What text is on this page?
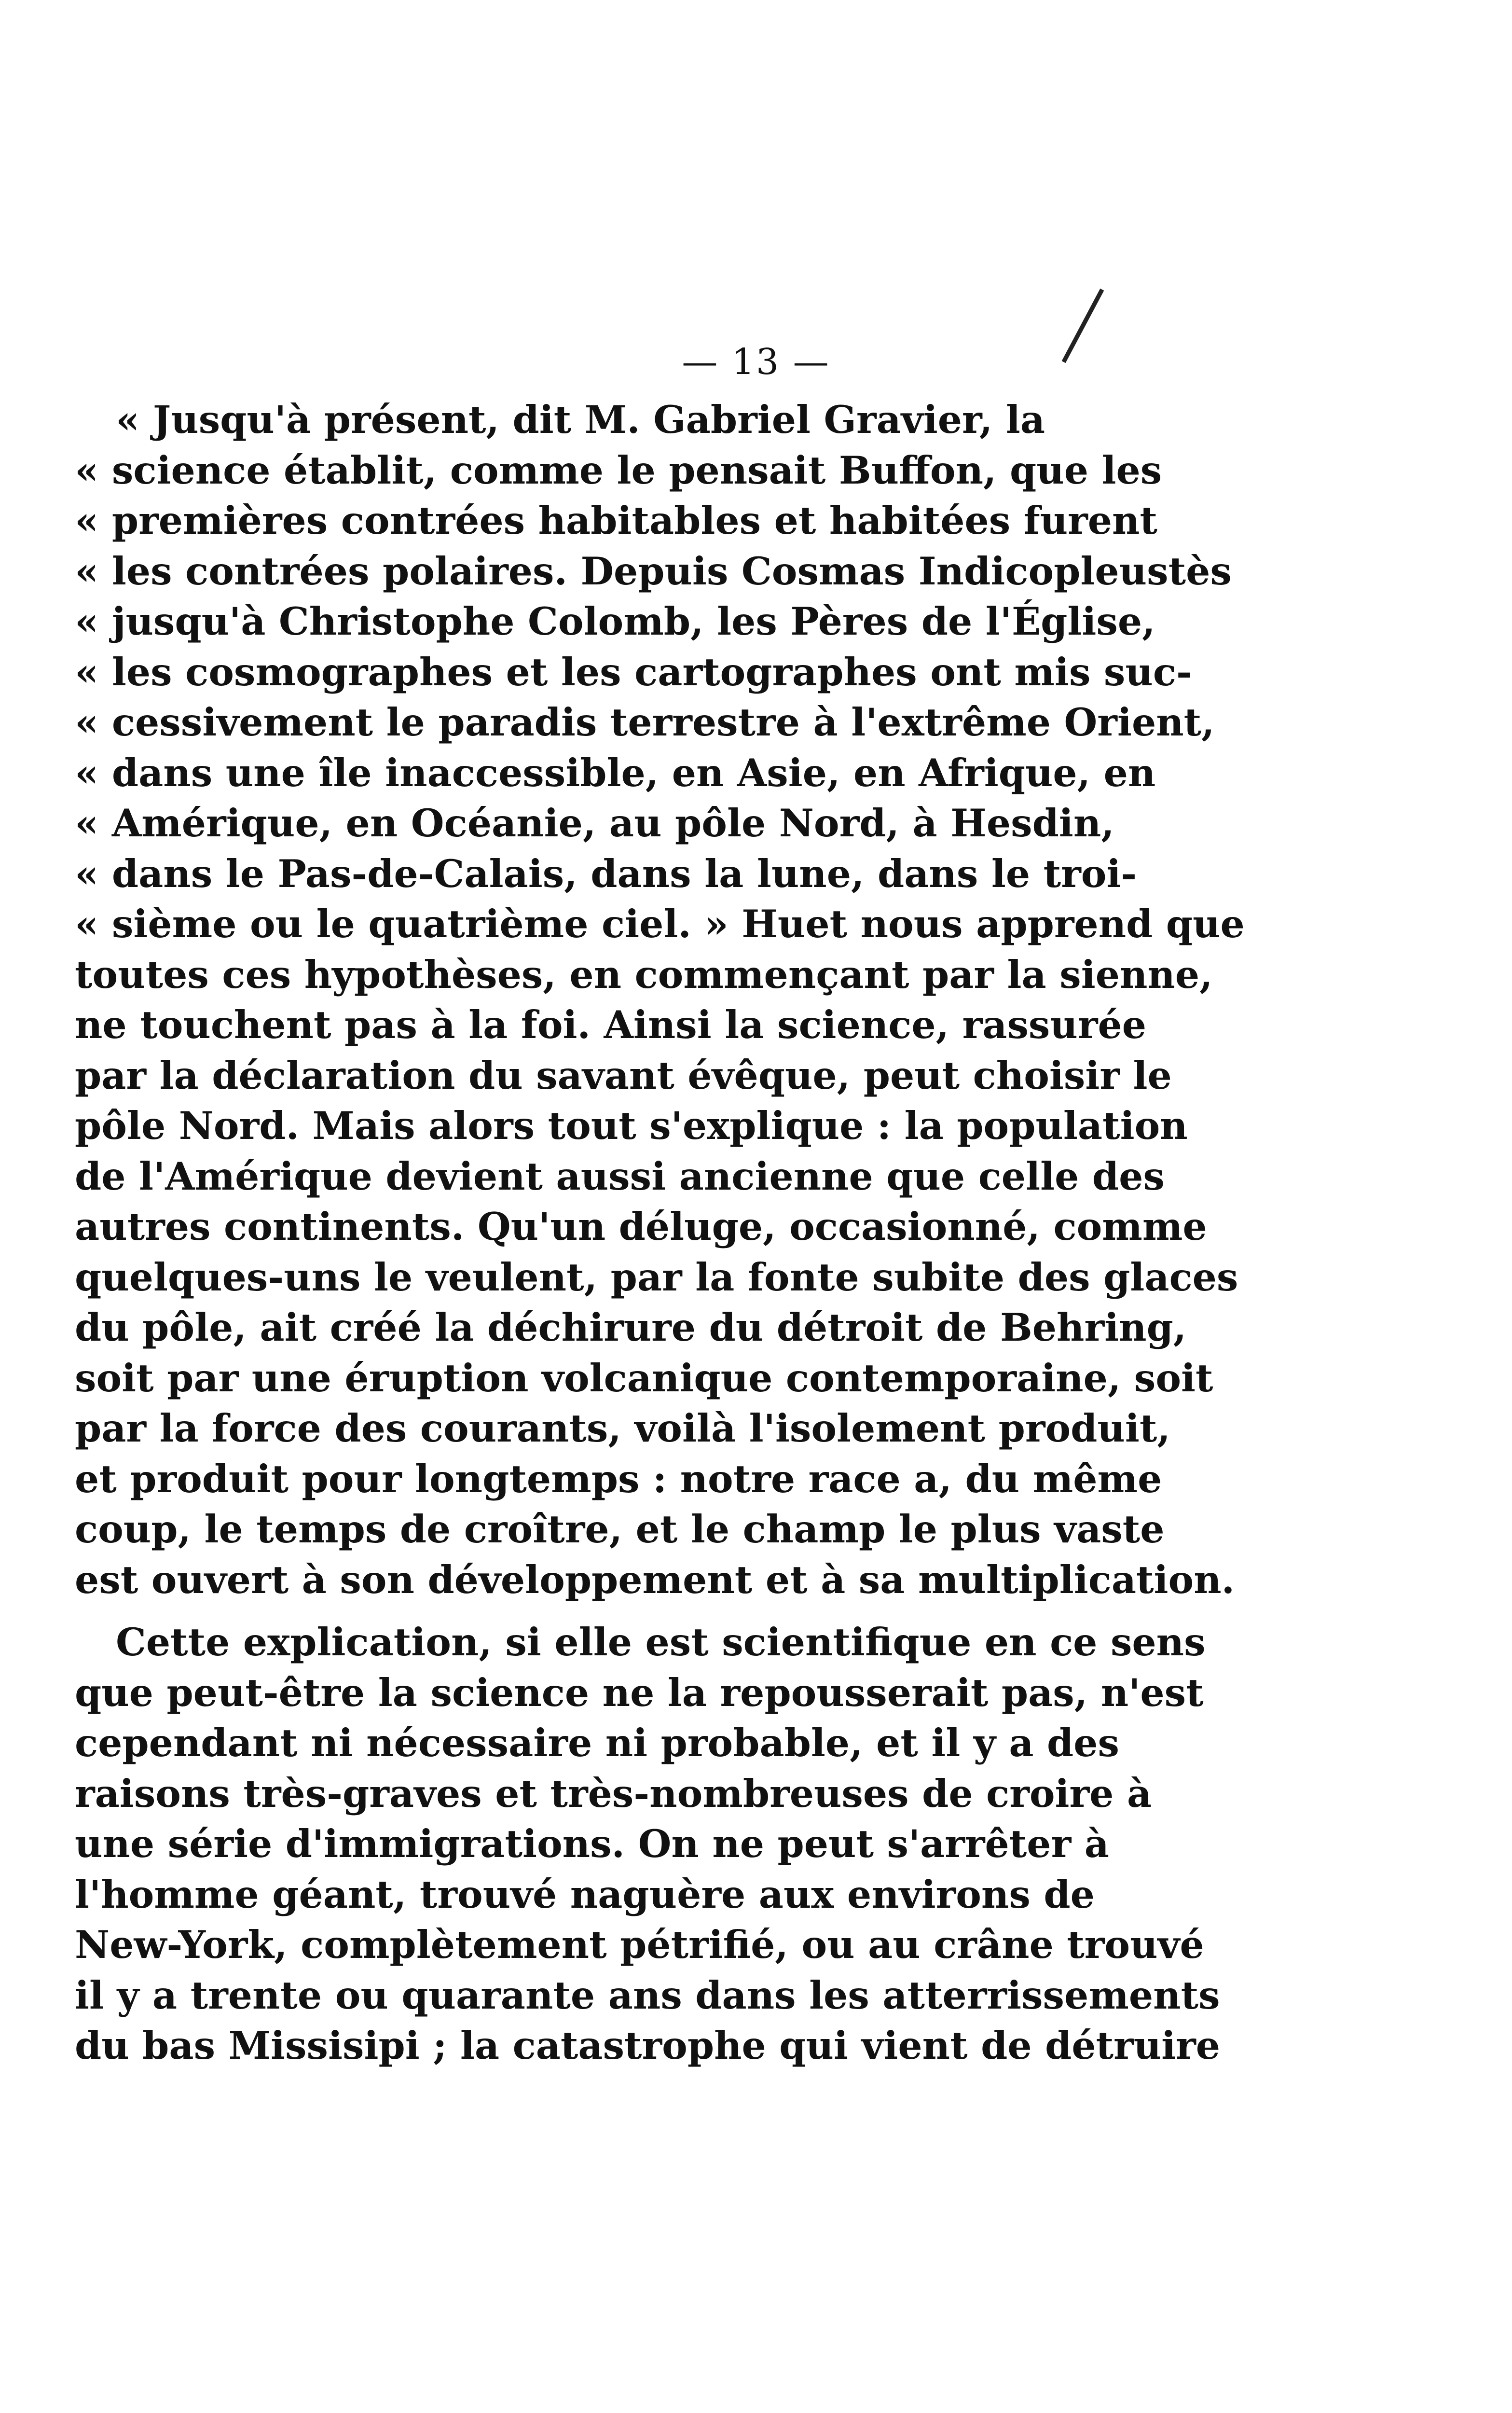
— 13 —
« Jusqu'à présent, dit M. Gabriel Gravier, la
« science établit, comme le pensait Buffon, que les
« premières contrées habitables et habitées furent
« les contrées polaires. Depuis Cosmas Indicopleustès
« jusqu'à Christophe Colomb, les Pères de l'Église,
« les cosmographes et les cartographes ont mis suc-
« cessivement le paradis terrestre à l'extrême Orient,
« dans une île inaccessible, en Asie, en Afrique, en
« Amérique, en Océanie, au pôle Nord, à Hesdin,
« dans le Pas-de-Calais, dans la lune, dans le troi-
« sième ou le quatrième ciel. » Huet nous apprend que
toutes ces hypothèses, en commençant par la sienne,
ne touchent pas à la foi. Ainsi la science, rassurée
par la déclaration du savant évêque, peut choisir le
pôle Nord. Mais alors tout s'explique : la population
de l'Amérique devient aussi ancienne que celle des
autres continents. Qu'un déluge, occasionné, comme
quelques-uns le veulent, par la fonte subite des glaces
du pôle, ait créé la déchirure du détroit de Behring,
soit par une éruption volcanique contemporaine, soit
par la force des courants, voilà l'isolement produit,
et produit pour longtemps : notre race a, du même
coup, le temps de croître, et le champ le plus vaste
est ouvert à son développement et à sa multiplication.
Cette explication, si elle est scientifique en ce sens
que peut-être la science ne la repousserait pas, n'est
cependant ni nécessaire ni probable, et il y a des
raisons très-graves et très-nombreuses de croire à
une série d'immigrations. On ne peut s'arrêter à
l'homme géant, trouvé naguère aux environs de
New-York, complètement pétrifié, ou au crâne trouvé
il y a trente ou quarante ans dans les atterrissements
du bas Missisipi ; la catastrophe qui vient de détruire
